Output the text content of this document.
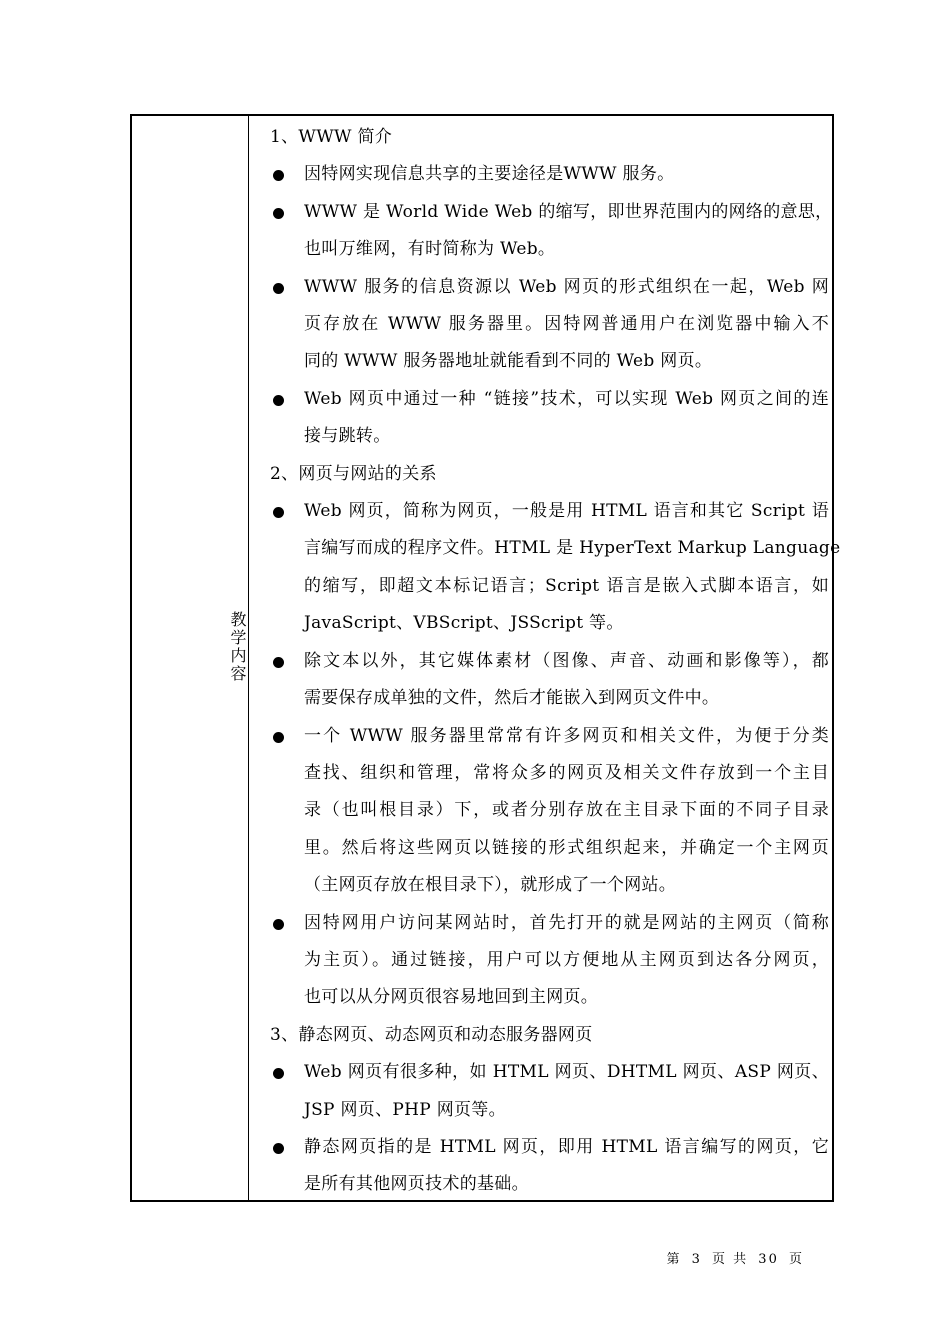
教学内容
1、WWW 简介
因特网实现信息共享的主要途径是WWW 服务。
WWW 是 World Wide Web 的缩写，即世界范围内的网络的意思，
也叫万维网，有时简称为 Web。
WWW 服务的信息资源以 Web 网页的形式组织在一起，Web 网
页存放在 WWW 服务器里。因特网普通用户在浏览器中输入不
同的 WWW 服务器地址就能看到不同的 Web 网页。
Web 网页中通过一种 “链接”技术，可以实现 Web 网页之间的连
接与跳转。
2、网页与网站的关系
Web 网页，简称为网页，一般是用 HTML 语言和其它 Script 语
言编写而成的程序文件。HTML 是 HyperText Markup Language
的缩写，即超文本标记语言；Script 语言是嵌入式脚本语言，如
JavaScript、VBScript、JSScript 等。
除文本以外，其它媒体素材（图像、声音、动画和影像等），都
需要保存成单独的文件，然后才能嵌入到网页文件中。
一个 WWW 服务器里常常有许多网页和相关文件，为便于分类
查找、组织和管理，常将众多的网页及相关文件存放到一个主目
录（也叫根目录）下，或者分别存放在主目录下面的不同子目录
里。然后将这些网页以链接的形式组织起来，并确定一个主网页
（主网页存放在根目录下），就形成了一个网站。
因特网用户访问某网站时，首先打开的就是网站的主网页（简称
为主页）。通过链接，用户可以方便地从主网页到达各分网页，
也可以从分网页很容易地回到主网页。
3、静态网页、动态网页和动态服务器网页
Web 网页有很多种，如 HTML 网页、DHTML 网页、ASP 网页、
JSP 网页、PHP 网页等。
静态网页指的是 HTML 网页，即用 HTML 语言编写的网页，它
是所有其他网页技术的基础。
第 3 页 共 30 页
